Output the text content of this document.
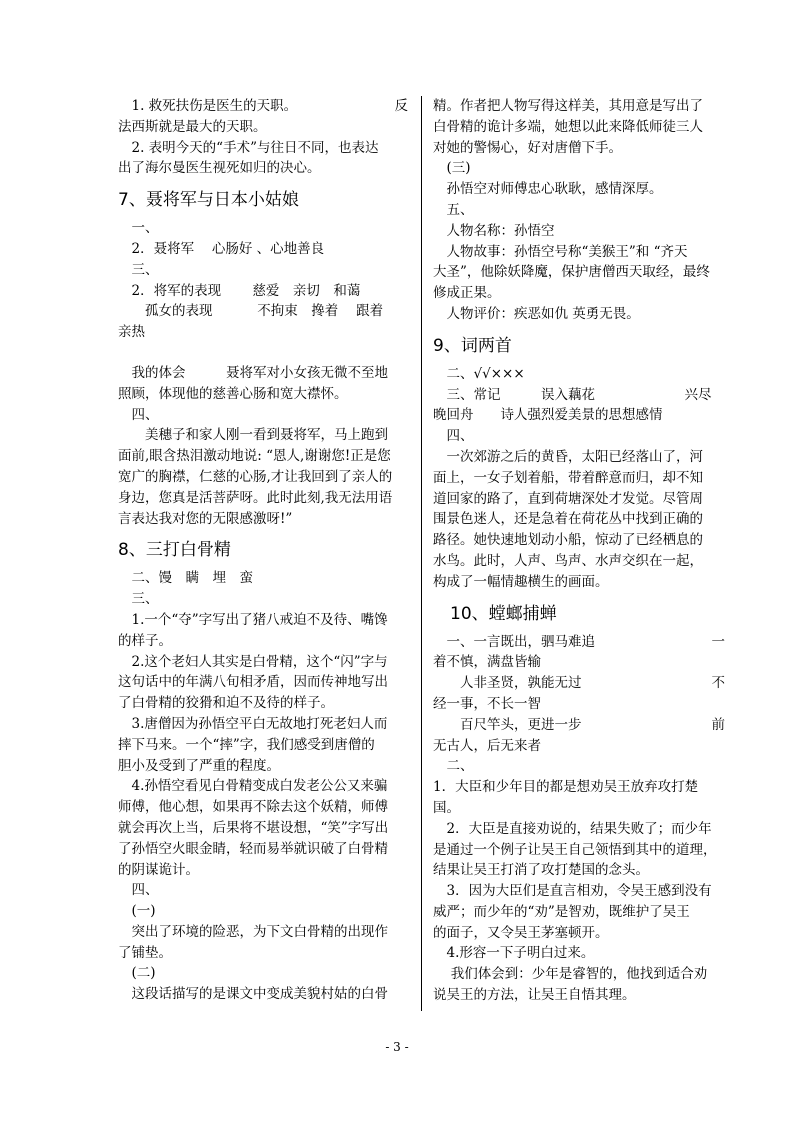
　1. 救死扶伤是医生的天职。	反
法西斯就是最大的天职。
　2. 表明今天的“手术”与往日不同，也表达
出了海尔曼医生视死如归的决心。
7、聂将军与日本小姑娘
　一、
　2．聂将军　 心肠好 、心地善良
　三、
　2．将军的表现　 　慈爱　亲切　和蔼
　　孤女的表现　　 　不拘束　搀着　 跟着
亲热
　我的体会　　　聂将军对小女孩无微不至地
照顾，体现他的慈善心肠和宽大襟怀。
　四、
　　美穗子和家人刚一看到聂将军，马上跑到
面前,眼含热泪激动地说: “恩人,谢谢您!正是您
宽广的胸襟，仁慈的心肠,才让我回到了亲人的
身边，您真是活菩萨呀。此时此刻,我无法用语
言表达我对您的无限感激呀!”
8、三打白骨精
　二、馒　瞒　埋　蛮
　三、
　1.一个“夺”字写出了猪八戒迫不及待、嘴馋
的样子。
　2.这个老妇人其实是白骨精，这个“闪”字与
这句话中的年满八旬相矛盾，因而传神地写出
了白骨精的狡猾和迫不及待的样子。
　3.唐僧因为孙悟空平白无故地打死老妇人而
摔下马来。一个“摔”字，我们感受到唐僧的
胆小及受到了严重的程度。
　4.孙悟空看见白骨精变成白发老公公又来骗
师傅，他心想，如果再不除去这个妖精，师傅
就会再次上当，后果将不堪设想，“笑”字写出
了孙悟空火眼金睛，轻而易举就识破了白骨精
的阴谋诡计。
　四、
　(一)
　突出了环境的险恶，为下文白骨精的出现作
了铺垫。
　(二)
　这段话描写的是课文中变成美貌村姑的白骨
精。作者把人物写得这样美，其用意是写出了
白骨精的诡计多端，她想以此来降低师徒三人
对她的警惕心，好对唐僧下手。
　(三)
　孙悟空对师傅忠心耿耿，感情深厚。
　五、
　人物名称：孙悟空
　人物故事：孙悟空号称“美猴王”和 “齐天
大圣”，他除妖降魔，保护唐僧西天取经，最终
修成正果。
　人物评价：疾恶如仇 英勇无畏。
9、词两首
　二、√√×××
　三、常记　　　误入藕花	兴尽　
晚回舟　　诗人强烈爱美景的思想感情
　四、
　一次郊游之后的黄昏，太阳已经落山了，河
面上，一女子划着船，带着醉意而归，却不知
道回家的路了，直到荷塘深处才发觉。尽管周
围景色迷人，还是急着在荷花丛中找到正确的
路径。她快速地划动小船，惊动了已经栖息的
水鸟。此时，人声、鸟声、水声交织在一起，
构成了一幅情趣横生的画面。
　10、螳螂捕蝉
　一、一言既出，驷马难追	一
着不慎，满盘皆输
　　人非圣贤，孰能无过	不
经一事，不长一智
　　百尺竿头，更进一步	前
无古人，后无来者
　二、
1．大臣和少年目的都是想劝吴王放弃攻打楚
国。
　2．大臣是直接劝说的，结果失败了；而少年
是通过一个例子让吴王自己领悟到其中的道理，
结果让吴王打消了攻打楚国的念头。
　3．因为大臣们是直言相劝，令吴王感到没有
威严；而少年的“劝”是智劝，既维护了吴王
的面子，又令吴王茅塞顿开。
　4.形容一下子明白过来。
　 我们体会到：少年是睿智的，他找到适合劝
说吴王的方法，让吴王自悟其理。
- 3 -
